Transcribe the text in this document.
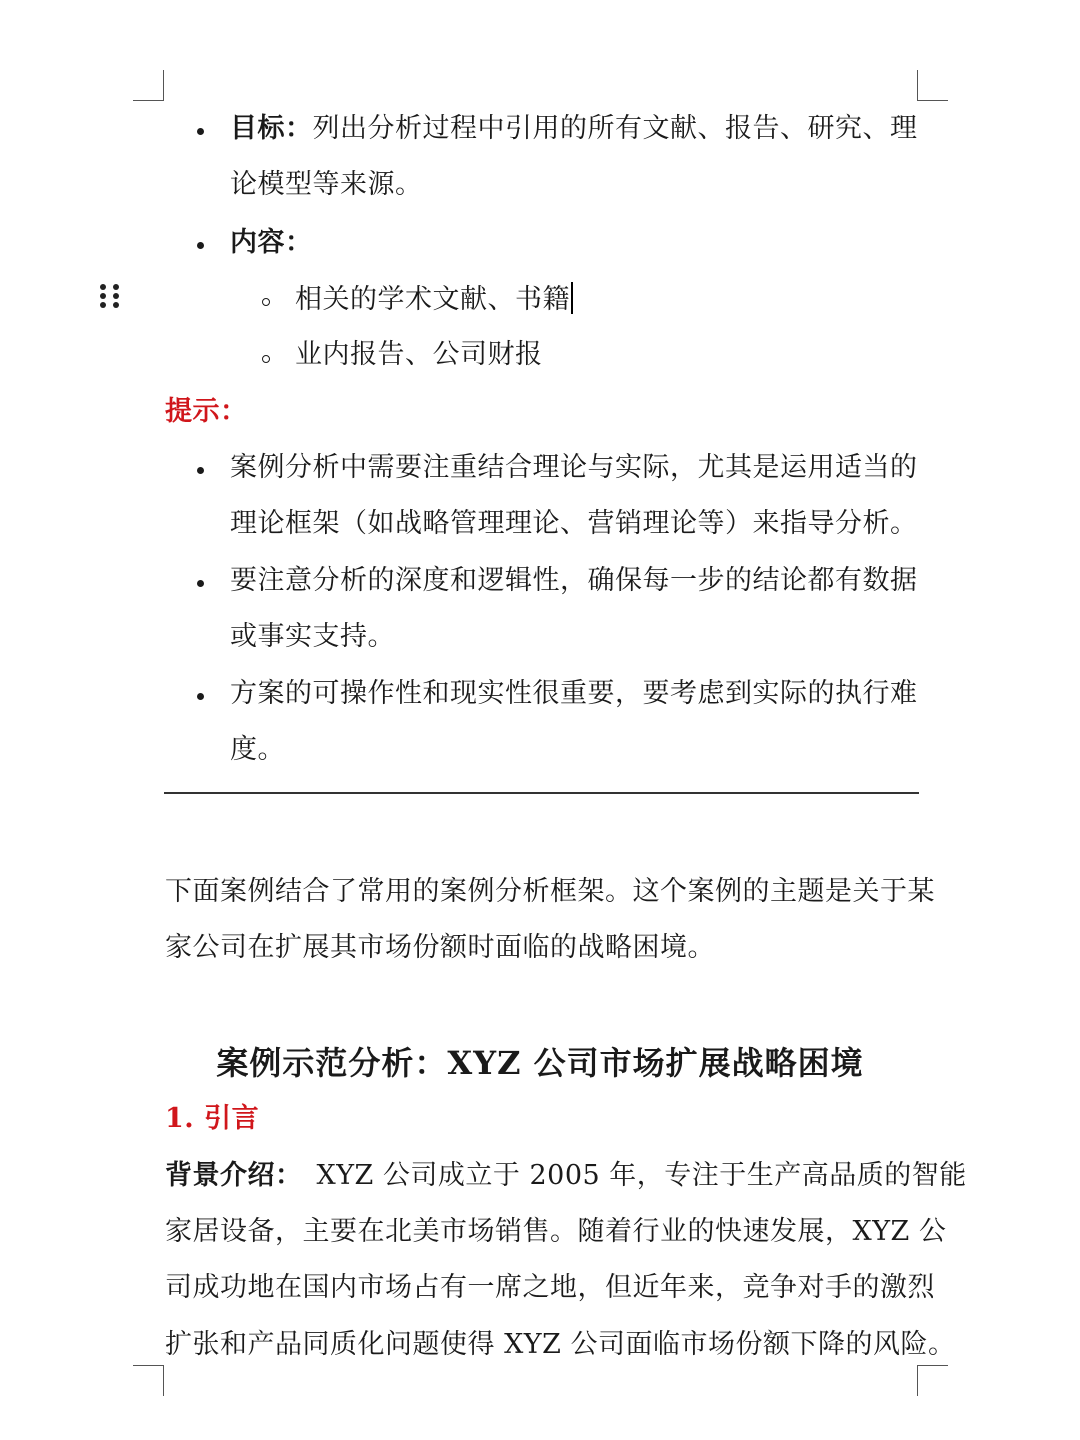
目标：列出分析过程中引用的所有文献、报告、研究、理
论模型等来源。
内容：
相关的学术文献、书籍
业内报告、公司财报
提示：
案例分析中需要注重结合理论与实际，尤其是运用适当的
理论框架（如战略管理理论、营销理论等）来指导分析。
要注意分析的深度和逻辑性，确保每一步的结论都有数据
或事实支持。
方案的可操作性和现实性很重要，要考虑到实际的执行难
度。
下面案例结合了常用的案例分析框架。这个案例的主题是关于某
家公司在扩展其市场份额时面临的战略困境。
案例示范分析：XYZ 公司市场扩展战略困境
1. 引言
背景介绍： XYZ 公司成立于 2005 年，专注于生产高品质的智能
家居设备，主要在北美市场销售。随着行业的快速发展，XYZ 公
司成功地在国内市场占有一席之地，但近年来，竞争对手的激烈
扩张和产品同质化问题使得 XYZ 公司面临市场份额下降的风险。
